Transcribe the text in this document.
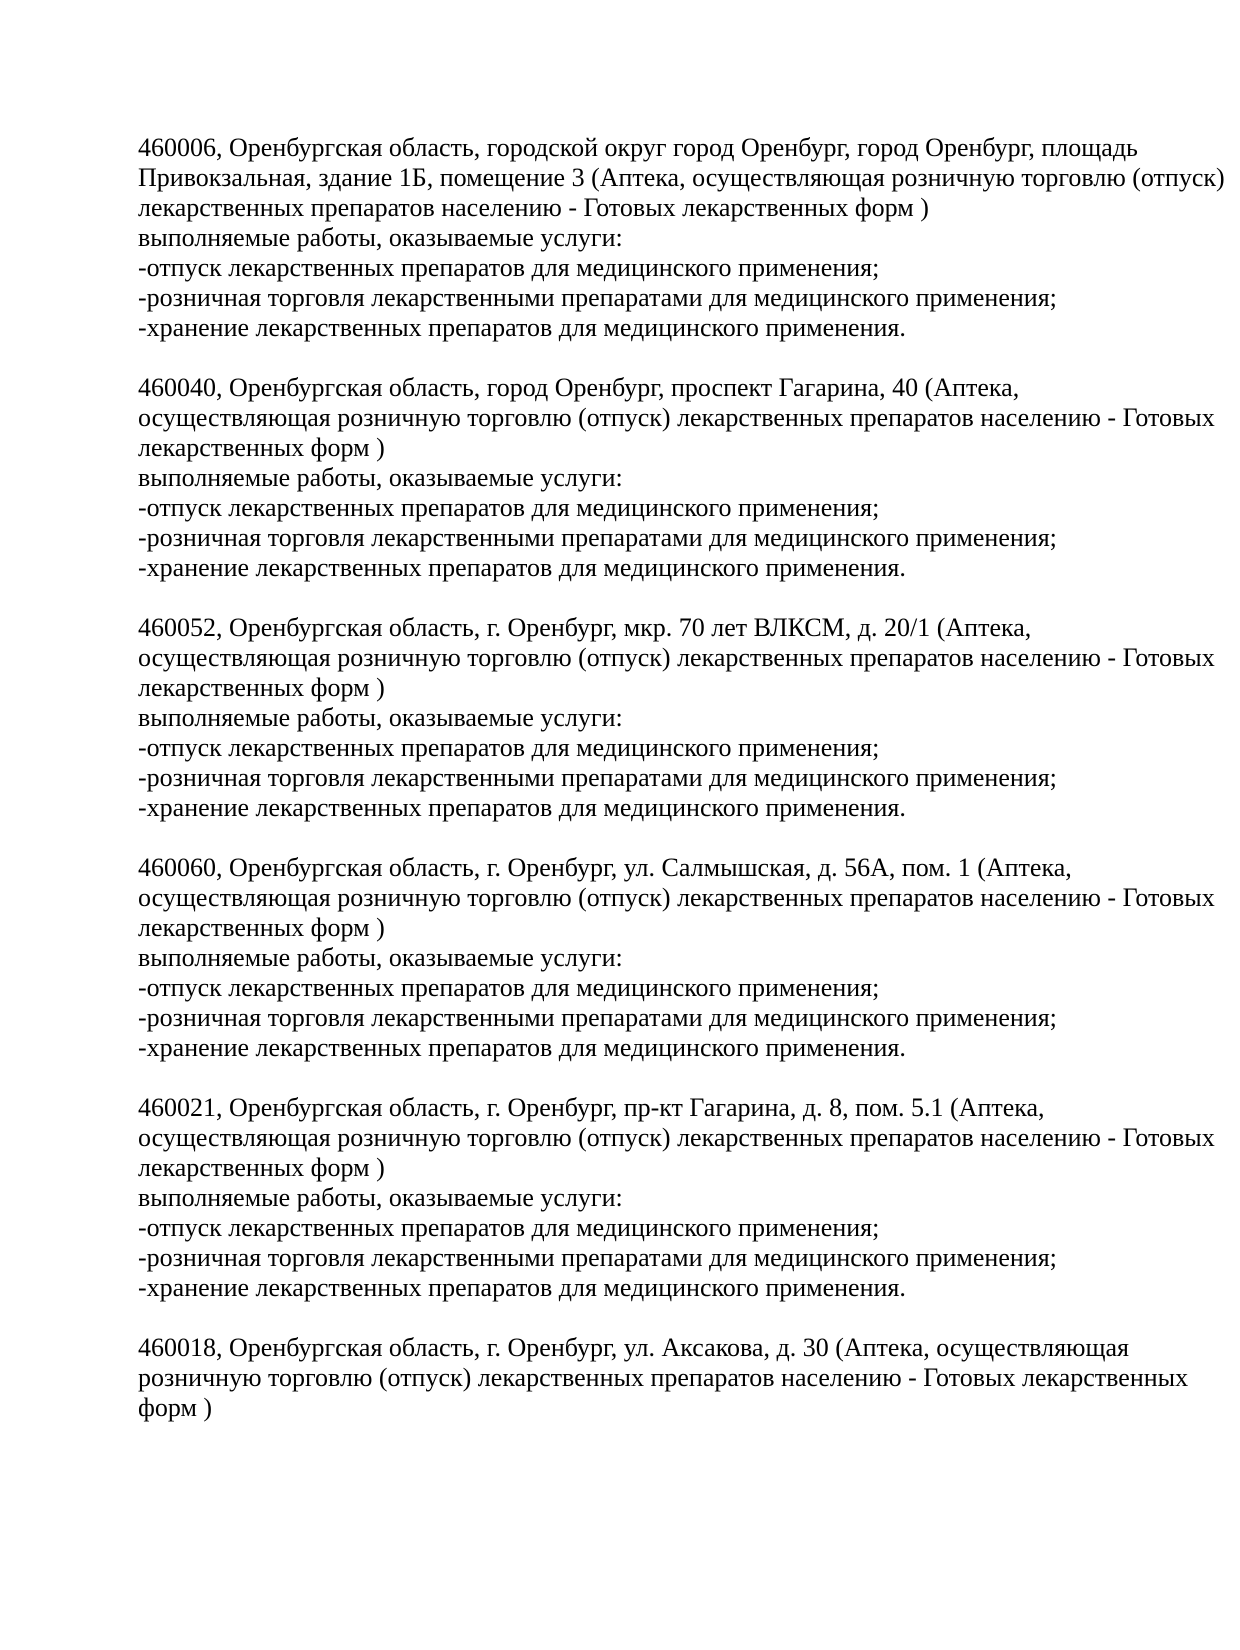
460006, Оренбургская область, городской округ город Оренбург, город Оренбург, площадь
Привокзальная, здание 1Б, помещение 3 (Аптека, осуществляющая розничную торговлю (отпуск)
лекарственных препаратов населению - Готовых лекарственных форм )
выполняемые работы, оказываемые услуги:
-отпуск лекарственных препаратов для медицинского применения;
-розничная торговля лекарственными препаратами для медицинского применения;
-хранение лекарственных препаратов для медицинского применения.
460040, Оренбургская область, город Оренбург, проспект Гагарина, 40 (Аптека,
осуществляющая розничную торговлю (отпуск) лекарственных препаратов населению - Готовых
лекарственных форм )
выполняемые работы, оказываемые услуги:
-отпуск лекарственных препаратов для медицинского применения;
-розничная торговля лекарственными препаратами для медицинского применения;
-хранение лекарственных препаратов для медицинского применения.
460052, Оренбургская область, г. Оренбург, мкр. 70 лет ВЛКСМ, д. 20/1 (Аптека,
осуществляющая розничную торговлю (отпуск) лекарственных препаратов населению - Готовых
лекарственных форм )
выполняемые работы, оказываемые услуги:
-отпуск лекарственных препаратов для медицинского применения;
-розничная торговля лекарственными препаратами для медицинского применения;
-хранение лекарственных препаратов для медицинского применения.
460060, Оренбургская область, г. Оренбург, ул. Салмышская, д. 56А, пом. 1 (Аптека,
осуществляющая розничную торговлю (отпуск) лекарственных препаратов населению - Готовых
лекарственных форм )
выполняемые работы, оказываемые услуги:
-отпуск лекарственных препаратов для медицинского применения;
-розничная торговля лекарственными препаратами для медицинского применения;
-хранение лекарственных препаратов для медицинского применения.
460021, Оренбургская область, г. Оренбург, пр-кт Гагарина, д. 8, пом. 5.1 (Аптека,
осуществляющая розничную торговлю (отпуск) лекарственных препаратов населению - Готовых
лекарственных форм )
выполняемые работы, оказываемые услуги:
-отпуск лекарственных препаратов для медицинского применения;
-розничная торговля лекарственными препаратами для медицинского применения;
-хранение лекарственных препаратов для медицинского применения.
460018, Оренбургская область, г. Оренбург, ул. Аксакова, д. 30 (Аптека, осуществляющая
розничную торговлю (отпуск) лекарственных препаратов населению - Готовых лекарственных
форм )
